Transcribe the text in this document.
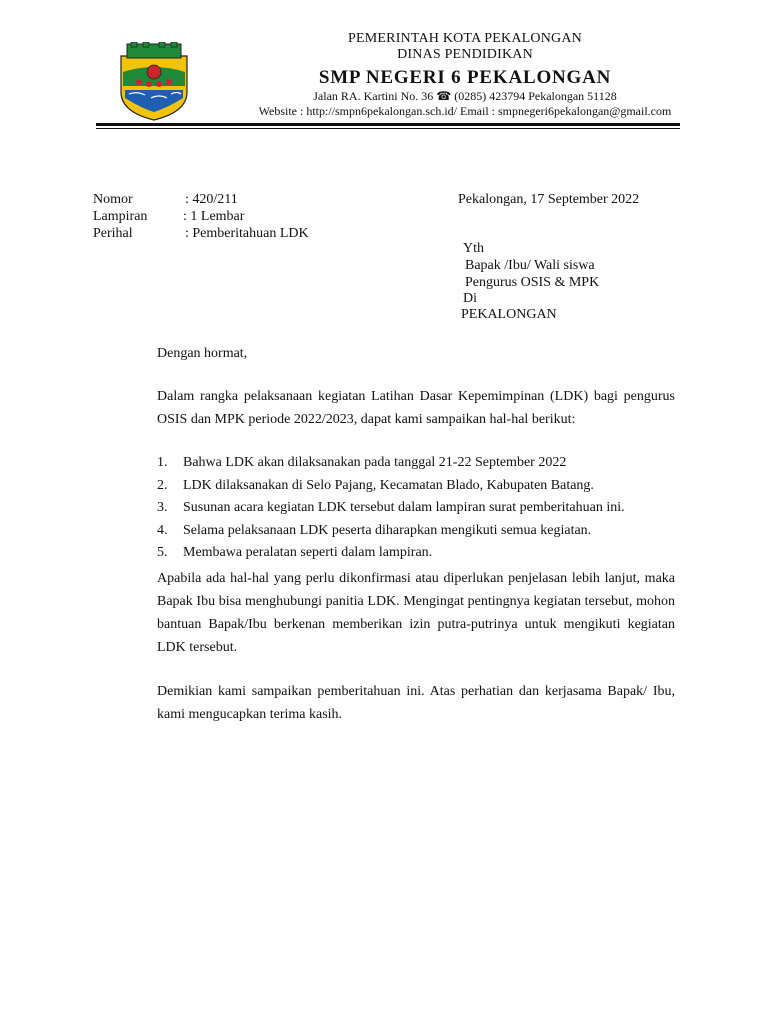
PEMERINTAH KOTA PEKALONGAN
DINAS PENDIDIKAN
SMP NEGERI 6 PEKALONGAN
Jalan RA. Kartini No. 36 ☎ (0285) 423794 Pekalongan 51128
Website : http://smpn6pekalongan.sch.id/ Email : smpnegeri6pekalongan@gmail.com
Nomor	: 420/211
Lampiran	: 1 Lembar
Perihal	: Pemberitahuan LDK
Pekalongan, 17 September 2022
Yth
Bapak /Ibu/ Wali siswa
Pengurus OSIS & MPK
Di
PEKALONGAN
Dengan hormat,
Dalam rangka pelaksanaan kegiatan Latihan Dasar Kepemimpinan (LDK) bagi pengurus OSIS dan MPK periode 2022/2023, dapat kami sampaikan hal-hal berikut:
1. Bahwa LDK akan dilaksanakan pada tanggal 21-22 September 2022
2. LDK dilaksanakan di Selo Pajang, Kecamatan Blado, Kabupaten Batang.
3. Susunan acara kegiatan LDK tersebut dalam lampiran surat pemberitahuan ini.
4. Selama pelaksanaan LDK peserta diharapkan mengikuti semua kegiatan.
5. Membawa peralatan seperti dalam lampiran.
Apabila ada hal-hal yang perlu dikonfirmasi atau diperlukan penjelasan lebih lanjut, maka Bapak Ibu bisa menghubungi panitia LDK. Mengingat pentingnya kegiatan tersebut, mohon bantuan Bapak/Ibu berkenan memberikan izin putra-putrinya untuk mengikuti kegiatan LDK tersebut.
Demikian kami sampaikan pemberitahuan ini. Atas perhatian dan kerjasama Bapak/ Ibu, kami mengucapkan terima kasih.
